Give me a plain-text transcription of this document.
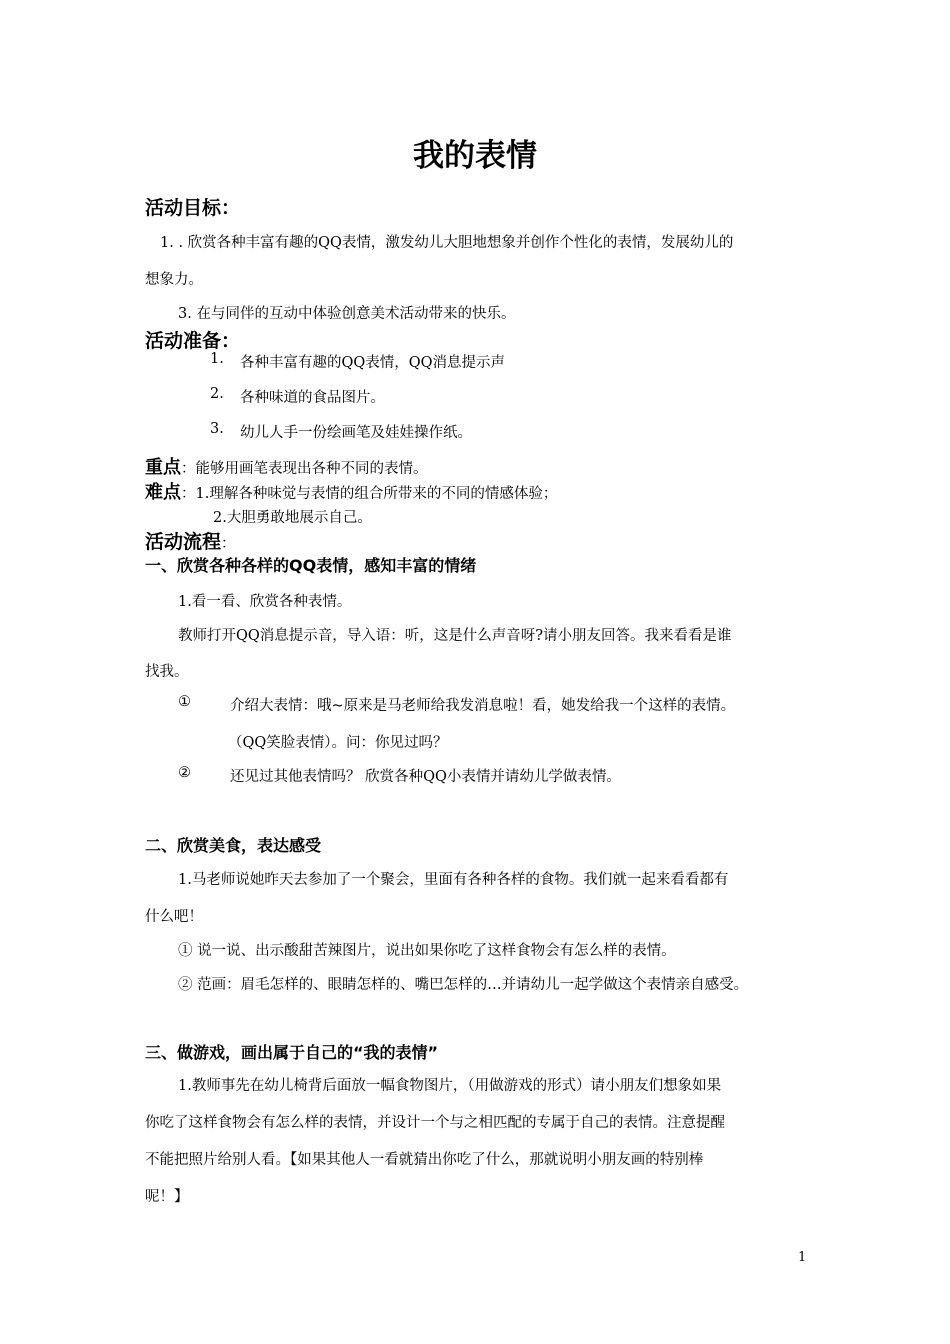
我的表情
活动目标：
1. . 欣赏各种丰富有趣的QQ表情，激发幼儿大胆地想象并创作个性化的表情，发展幼儿的
想象力。
3. 在与同伴的互动中体验创意美术活动带来的快乐。
活动准备：
1. 各种丰富有趣的QQ表情，QQ消息提示声
2. 各种味道的食品图片。
3. 幼儿人手一份绘画笔及娃娃操作纸。
重点：能够用画笔表现出各种不同的表情。
难点：1.理解各种味觉与表情的组合所带来的不同的情感体验；
2.大胆勇敢地展示自己。
活动流程：
一、欣赏各种各样的QQ表情，感知丰富的情绪
1.看一看、欣赏各种表情。
教师打开QQ消息提示音，导入语：听，这是什么声音呀?请小朋友回答。我来看看是谁
找我。
①	介绍大表情：哦~原来是马老师给我发消息啦！看，她发给我一个这样的表情。
（QQ笑脸表情）。问：你见过吗？
②	还见过其他表情吗？ 欣赏各种QQ小表情并请幼儿学做表情。
二、欣赏美食，表达感受
1.马老师说她昨天去参加了一个聚会，里面有各种各样的食物。我们就一起来看看都有
什么吧！
① 说一说、出示酸甜苦辣图片，说出如果你吃了这样食物会有怎么样的表情。
② 范画：眉毛怎样的、眼睛怎样的、嘴巴怎样的…并请幼儿一起学做这个表情亲自感受。
三、做游戏，画出属于自己的“我的表情”
1.教师事先在幼儿椅背后面放一幅食物图片，（用做游戏的形式）请小朋友们想象如果
你吃了这样食物会有怎么样的表情，并设计一个与之相匹配的专属于自己的表情。注意提醒
不能把照片给别人看。【如果其他人一看就猜出你吃了什么，那就说明小朋友画的特别棒
呢！】
1
